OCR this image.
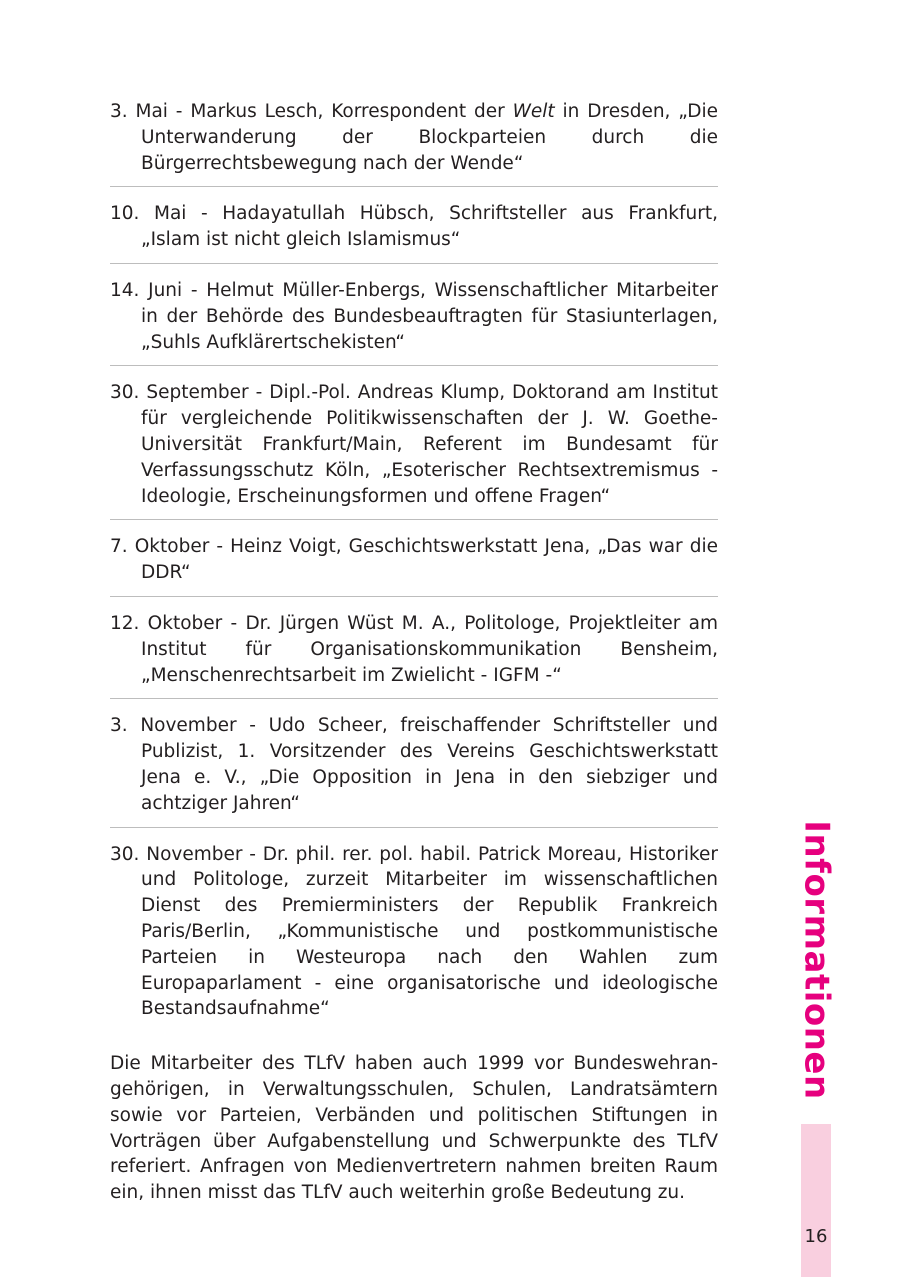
3. Mai - Markus Lesch, Korrespondent der Welt in Dresden, „Die Unterwanderung der Blockparteien durch die Bürgerrechtsbewegung nach der Wende“
10. Mai - Hadayatullah Hübsch, Schriftsteller aus Frankfurt, „Islam ist nicht gleich Islamismus“
14. Juni - Helmut Müller-Enbergs, Wissenschaftlicher Mitarbeiter in der Behörde des Bundesbeauftragten für Stasiunterlagen, „Suhls Aufklärertschekisten“
30. September - Dipl.-Pol. Andreas Klump, Doktorand am Institut für vergleichende Politikwissenschaften der J. W. Goethe-Universität Frankfurt/Main, Referent im Bundesamt für Verfassungsschutz Köln, „Esoterischer Rechtsextremismus - Ideologie, Erscheinungsformen und offene Fragen“
7. Oktober - Heinz Voigt, Geschichtswerkstatt Jena, „Das war die DDR“
12. Oktober - Dr. Jürgen Wüst M. A., Politologe, Projektleiter am Institut für Organisationskommunikation Bensheim, „Menschenrechtsarbeit im Zwielicht - IGFM -“
3. November - Udo Scheer, freischaffender Schriftsteller und Publizist, 1. Vorsitzender des Vereins Geschichtswerkstatt Jena e. V., „Die Opposition in Jena in den siebziger und achtziger Jahren“
30. November - Dr. phil. rer. pol. habil. Patrick Moreau, Historiker und Politologe, zurzeit Mitarbeiter im wissenschaftlichen Dienst des Premierministers der Republik Frankreich Paris/Berlin, „Kommunistische und postkommunistische Parteien in Westeuropa nach den Wahlen zum Europaparlament - eine organisatorische und ideologische Bestandsaufnahme“
Die Mitarbeiter des TLfV haben auch 1999 vor Bundeswehrangehörigen, in Verwaltungsschulen, Schulen, Landratsämtern sowie vor Parteien, Verbänden und politischen Stiftungen in Vorträgen über Aufgabenstellung und Schwerpunkte des TLfV referiert. Anfragen von Medienvertretern nahmen breiten Raum ein, ihnen misst das TLfV auch weiterhin große Bedeutung zu.
Informationen
16
